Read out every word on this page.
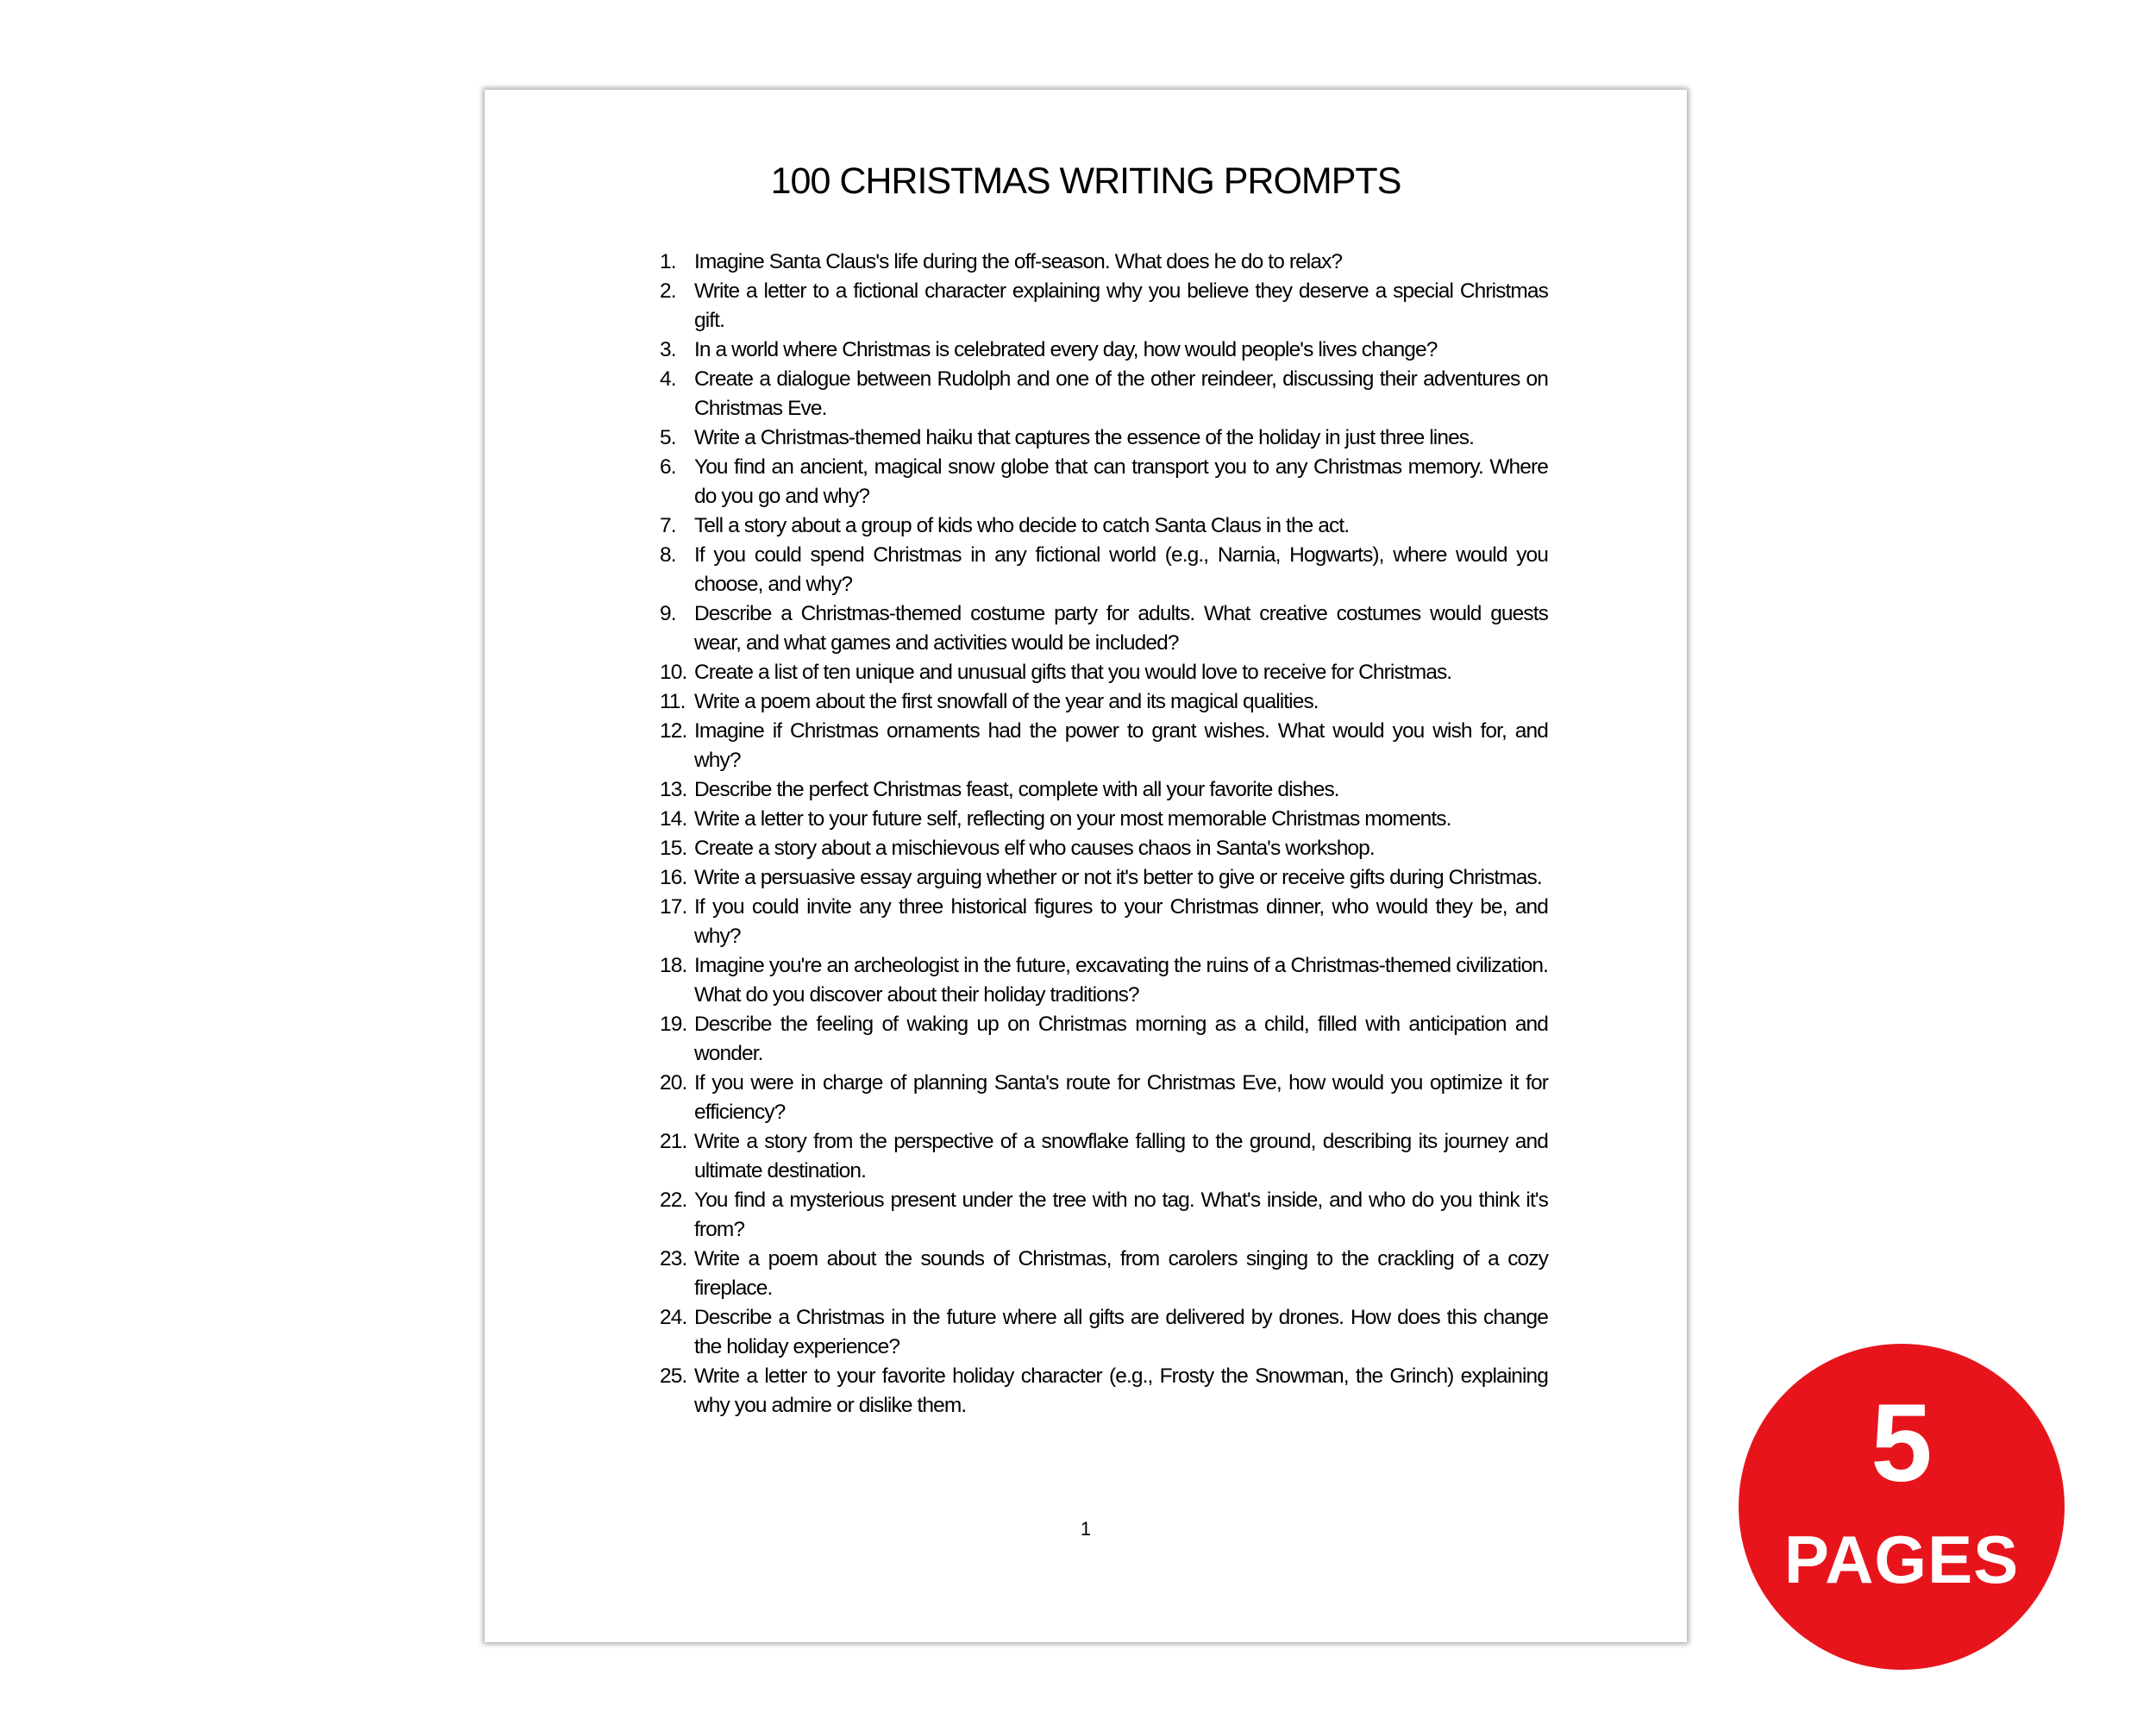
100 CHRISTMAS WRITING PROMPTS
1. Imagine Santa Claus's life during the off-season. What does he do to relax?
2. Write a letter to a fictional character explaining why you believe they deserve a special Christmas gift.
3. In a world where Christmas is celebrated every day, how would people's lives change?
4. Create a dialogue between Rudolph and one of the other reindeer, discussing their adventures on Christmas Eve.
5. Write a Christmas-themed haiku that captures the essence of the holiday in just three lines.
6. You find an ancient, magical snow globe that can transport you to any Christmas memory. Where do you go and why?
7. Tell a story about a group of kids who decide to catch Santa Claus in the act.
8. If you could spend Christmas in any fictional world (e.g., Narnia, Hogwarts), where would you choose, and why?
9. Describe a Christmas-themed costume party for adults. What creative costumes would guests wear, and what games and activities would be included?
10. Create a list of ten unique and unusual gifts that you would love to receive for Christmas.
11. Write a poem about the first snowfall of the year and its magical qualities.
12. Imagine if Christmas ornaments had the power to grant wishes. What would you wish for, and why?
13. Describe the perfect Christmas feast, complete with all your favorite dishes.
14. Write a letter to your future self, reflecting on your most memorable Christmas moments.
15. Create a story about a mischievous elf who causes chaos in Santa's workshop.
16. Write a persuasive essay arguing whether or not it's better to give or receive gifts during Christmas.
17. If you could invite any three historical figures to your Christmas dinner, who would they be, and why?
18. Imagine you're an archeologist in the future, excavating the ruins of a Christmas-themed civilization. What do you discover about their holiday traditions?
19. Describe the feeling of waking up on Christmas morning as a child, filled with anticipation and wonder.
20. If you were in charge of planning Santa's route for Christmas Eve, how would you optimize it for efficiency?
21. Write a story from the perspective of a snowflake falling to the ground, describing its journey and ultimate destination.
22. You find a mysterious present under the tree with no tag. What's inside, and who do you think it's from?
23. Write a poem about the sounds of Christmas, from carolers singing to the crackling of a cozy fireplace.
24. Describe a Christmas in the future where all gifts are delivered by drones. How does this change the holiday experience?
25. Write a letter to your favorite holiday character (e.g., Frosty the Snowman, the Grinch) explaining why you admire or dislike them.
1
5
PAGES
